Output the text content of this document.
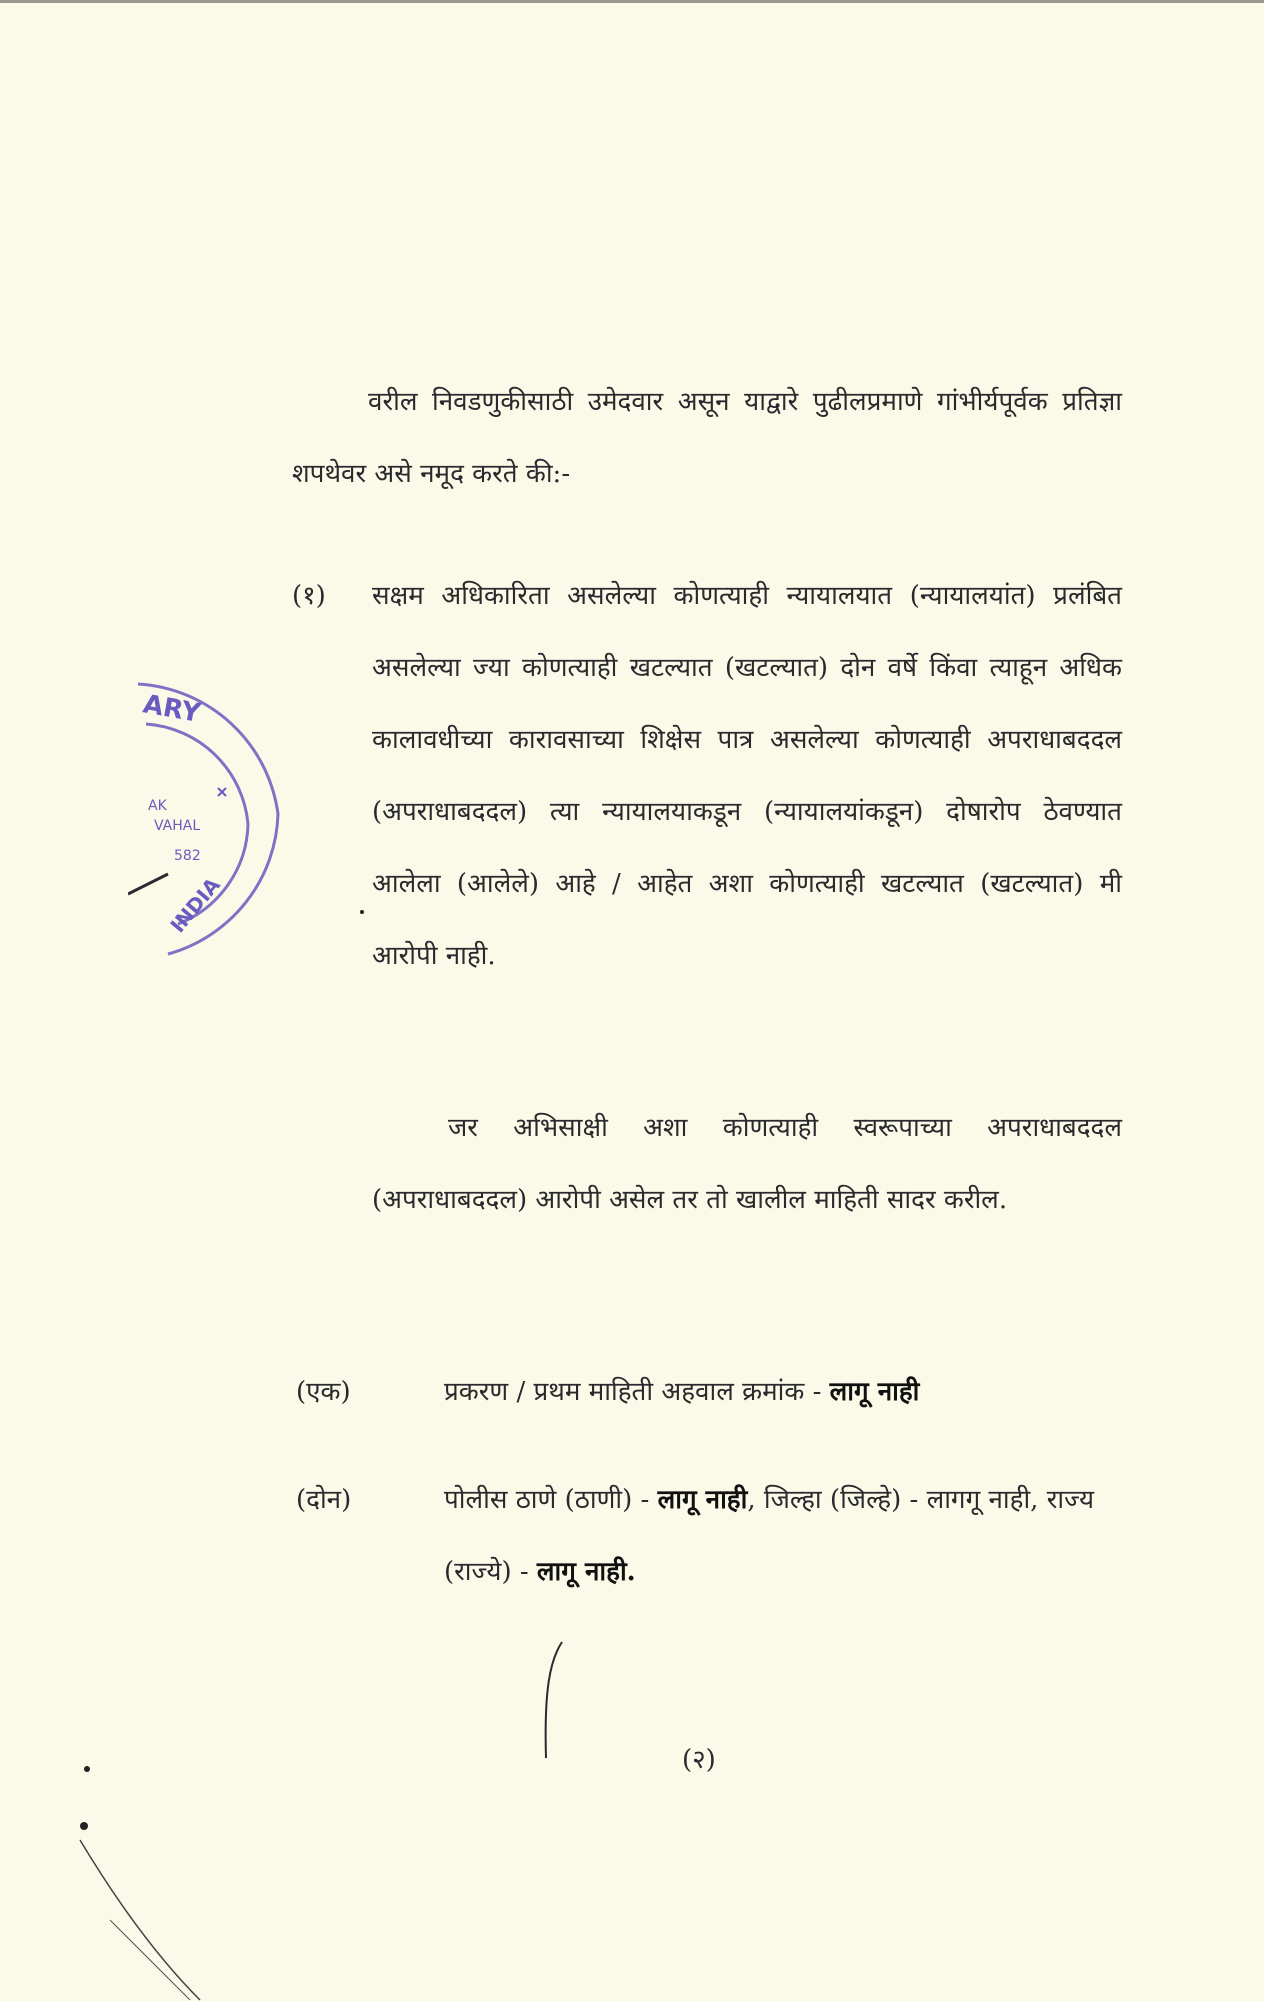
वरील निवडणुकीसाठी उमेदवार असून याद्वारे पुढीलप्रमाणे गांभीर्यपूर्वक प्रतिज्ञा शपथेवर असे नमूद करते की:-

(१) सक्षम अधिकारिता असलेल्या कोणत्याही न्यायालयात (न्यायालयांत) प्रलंबित असलेल्या ज्या कोणत्याही खटल्यात (खटल्यात) दोन वर्षे किंवा त्याहून अधिक कालावधीच्या कारावसाच्या शिक्षेस पात्र असलेल्या कोणत्याही अपराधाबददल (अपराधाबददल) त्या न्यायालयाकडून (न्यायालयांकडून) दोषारोप ठेवण्यात आलेला (आलेले) आहे / आहेत अशा कोणत्याही खटल्यात (खटल्यात) मी आरोपी नाही.

जर अभिसाक्षी अशा कोणत्याही स्वरूपाच्या अपराधाबददल (अपराधाबददल) आरोपी असेल तर तो खालील माहिती सादर करील.

(एक)	प्रकरण / प्रथम माहिती अहवाल क्रमांक - लागू नाही

(दोन)	पोलीस ठाणे (ठाणी) - लागू नाही, जिल्हा (जिल्हे) - लागगू नाही, राज्य (राज्ये) - लागू नाही.

(२)
ARY
AK
VAHAL
582
INDIA
